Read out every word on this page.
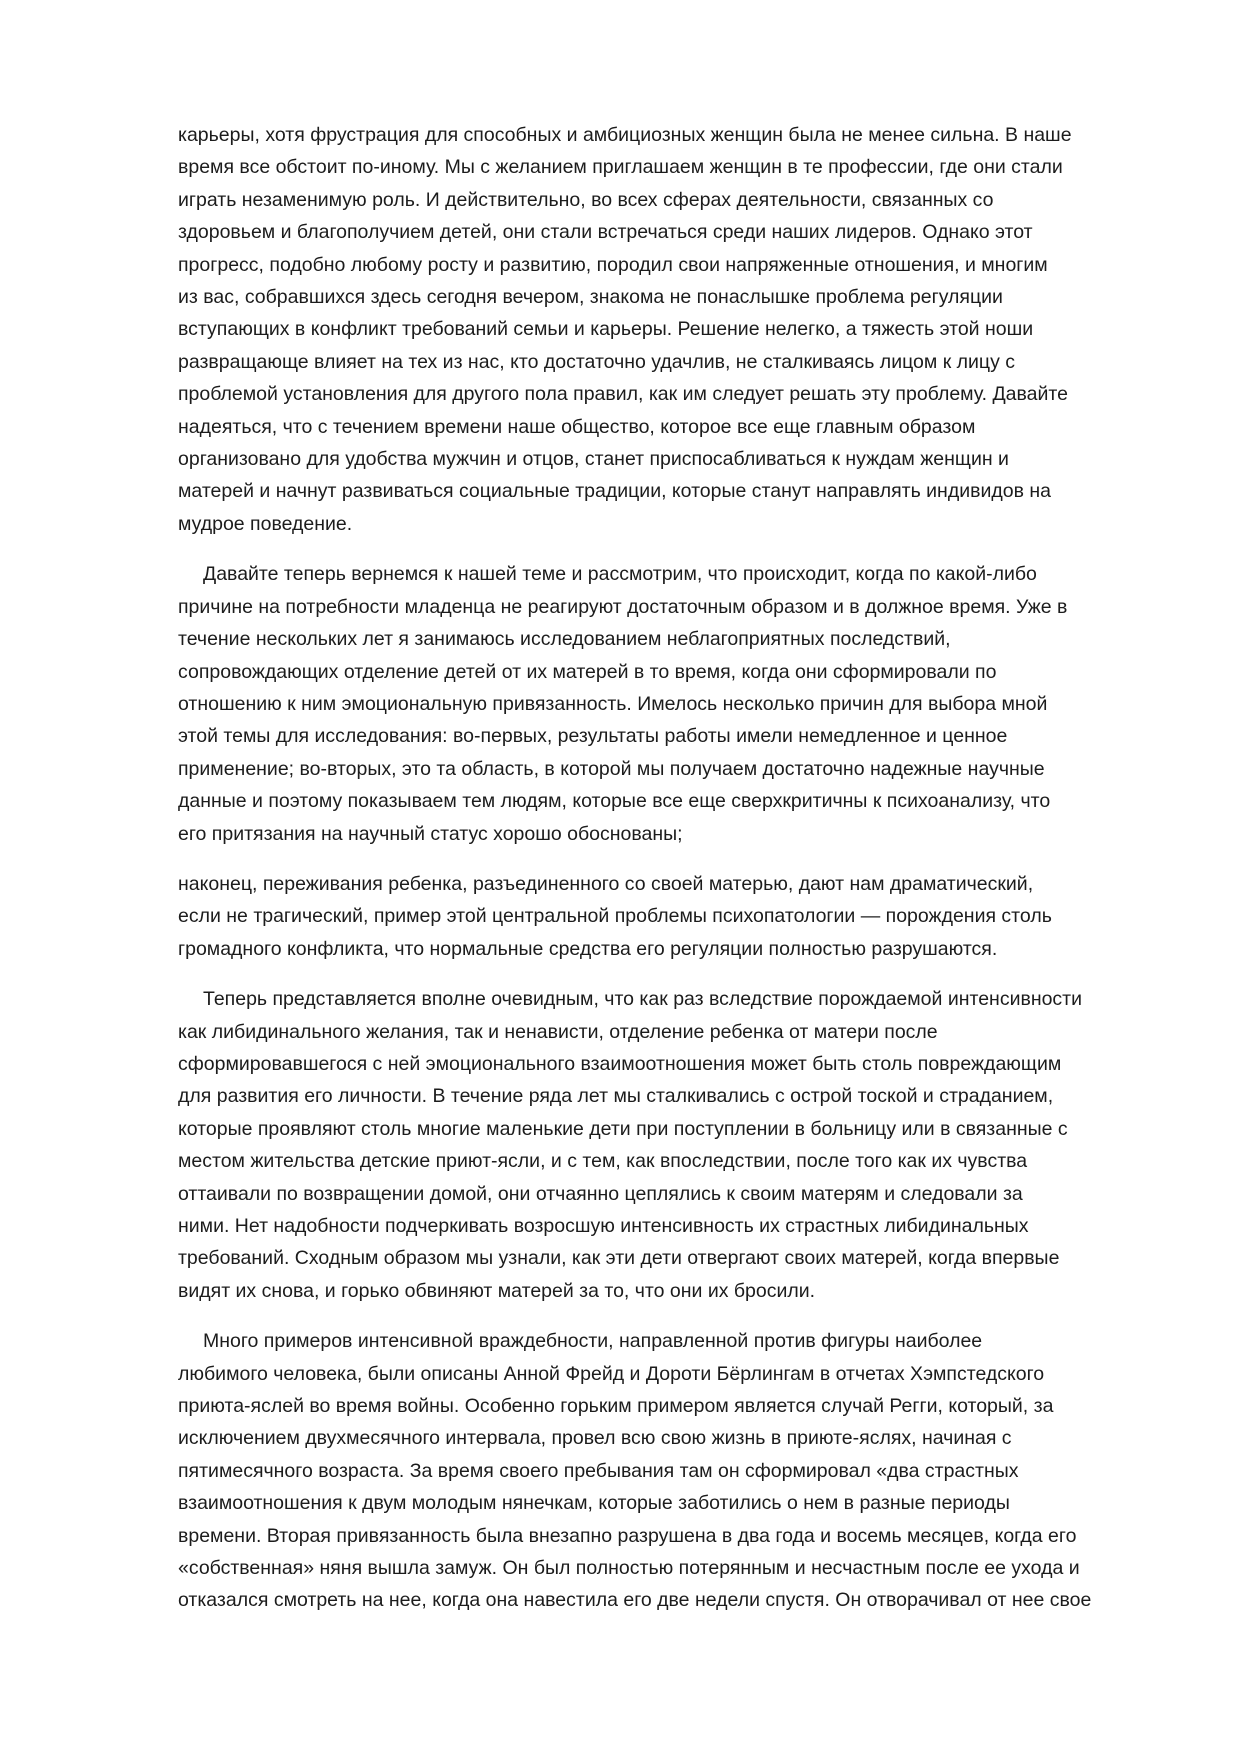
карьеры, хотя фрустрация для способных и амбициозных женщин была не менее сильна. В наше
время все обстоит по-иному. Мы с желанием приглашаем женщин в те профессии, где они стали
играть незаменимую роль. И действительно, во всех сферах деятельности, связанных со
здоровьем и благополучием детей, они стали встречаться среди наших лидеров. Однако этот
прогресс, подобно любому росту и развитию, породил свои напряженные отношения, и многим
из вас, собравшихся здесь сегодня вечером, знакома не понаслышке проблема регуляции
вступающих в конфликт требований семьи и карьеры. Решение нелегко, а тяжесть этой ноши
развращающе влияет на тех из нас, кто достаточно удачлив, не сталкиваясь лицом к лицу с
проблемой установления для другого пола правил, как им следует решать эту проблему. Давайте
надеяться, что с течением времени наше общество, которое все еще главным образом
организовано для удобства мужчин и отцов, станет приспосабливаться к нуждам женщин и
матерей и начнут развиваться социальные традиции, которые станут направлять индивидов на
мудрое поведение.
Давайте теперь вернемся к нашей теме и рассмотрим, что происходит, когда по какой-либо
причине на потребности младенца не реагируют достаточным образом и в должное время. Уже в
течение нескольких лет я занимаюсь исследованием неблагоприятных последствий,
сопровождающих отделение детей от их матерей в то время, когда они сформировали по
отношению к ним эмоциональную привязанность. Имелось несколько причин для выбора мной
этой темы для исследования: во-первых, результаты работы имели немедленное и ценное
применение; во-вторых, это та область, в которой мы получаем достаточно надежные научные
данные и поэтому показываем тем людям, которые все еще сверхкритичны к психоанализу, что
его притязания на научный статус хорошо обоснованы;
наконец, переживания ребенка, разъединенного со своей матерью, дают нам драматический,
если не трагический, пример этой центральной проблемы психопатологии — порождения столь
громадного конфликта, что нормальные средства его регуляции полностью разрушаются.
Теперь представляется вполне очевидным, что как раз вследствие порождаемой интенсивности
как либидинального желания, так и ненависти, отделение ребенка от матери после
сформировавшегося с ней эмоционального взаимоотношения может быть столь повреждающим
для развития его личности. В течение ряда лет мы сталкивались с острой тоской и страданием,
которые проявляют столь многие маленькие дети при поступлении в больницу или в связанные с
местом жительства детские приют-ясли, и с тем, как впоследствии, после того как их чувства
оттаивали по возвращении домой, они отчаянно цеплялись к своим матерям и следовали за
ними. Нет надобности подчеркивать возросшую интенсивность их страстных либидинальных
требований. Сходным образом мы узнали, как эти дети отвергают своих матерей, когда впервые
видят их снова, и горько обвиняют матерей за то, что они их бросили.
Много примеров интенсивной враждебности, направленной против фигуры наиболее
любимого человека, были описаны Анной Фрейд и Дороти Бёрлингам в отчетах Хэмпстедского
приюта-яслей во время войны. Особенно горьким примером является случай Регги, который, за
исключением двухмесячного интервала, провел всю свою жизнь в приюте-яслях, начиная с
пятимесячного возраста. За время своего пребывания там он сформировал «два страстных
взаимоотношения к двум молодым нянечкам, которые заботились о нем в разные периоды
времени. Вторая привязанность была внезапно разрушена в два года и восемь месяцев, когда его
«собственная» няня вышла замуж. Он был полностью потерянным и несчастным после ее ухода и
отказался смотреть на нее, когда она навестила его две недели спустя. Он отворачивал от нее свое
